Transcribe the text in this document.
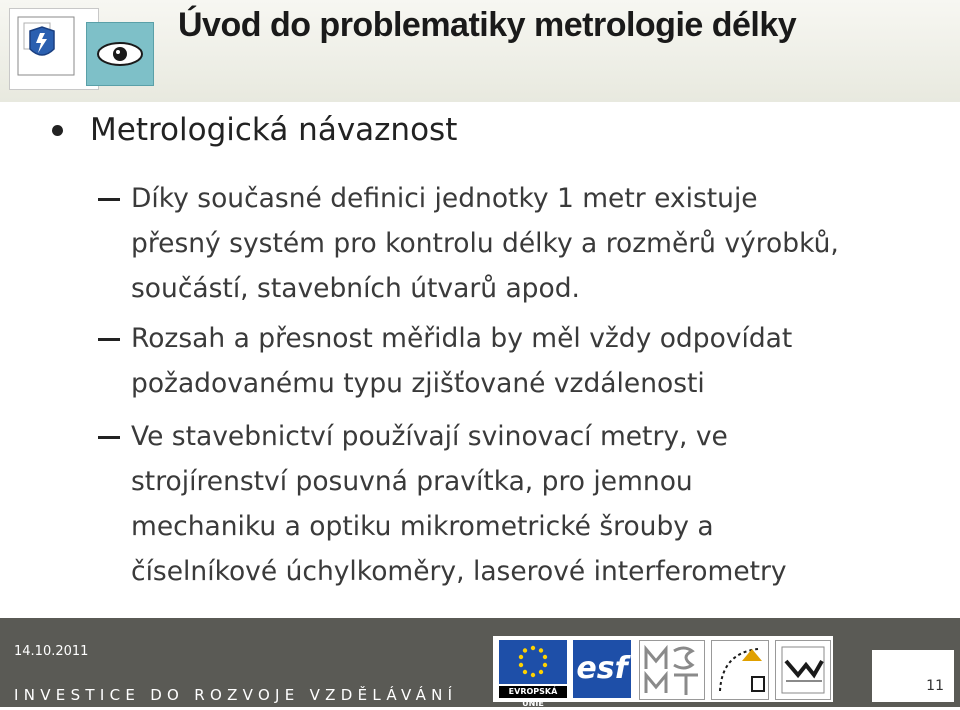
Úvod do problematiky metrologie délky
Metrologická návaznost
Díky současné definici jednotky 1 metr existuje
přesný systém pro kontrolu délky a rozměrů výrobků,
součástí, stavebních útvarů apod.
Rozsah a přesnost měřidla by měl vždy odpovídat
požadovanému typu zjišťované vzdálenosti
Ve stavebnictví používají svinovací metry, ve
strojírenství posuvná pravítka, pro jemnou
mechaniku a optiku mikrometrické šrouby a
číselníkové úchylkoměry, laserové interferometry
14.10.2011
INVESTICE DO ROZVOJE VZDĚLÁVÁNÍ	EVROPSKÁ UNIE
esf	11
